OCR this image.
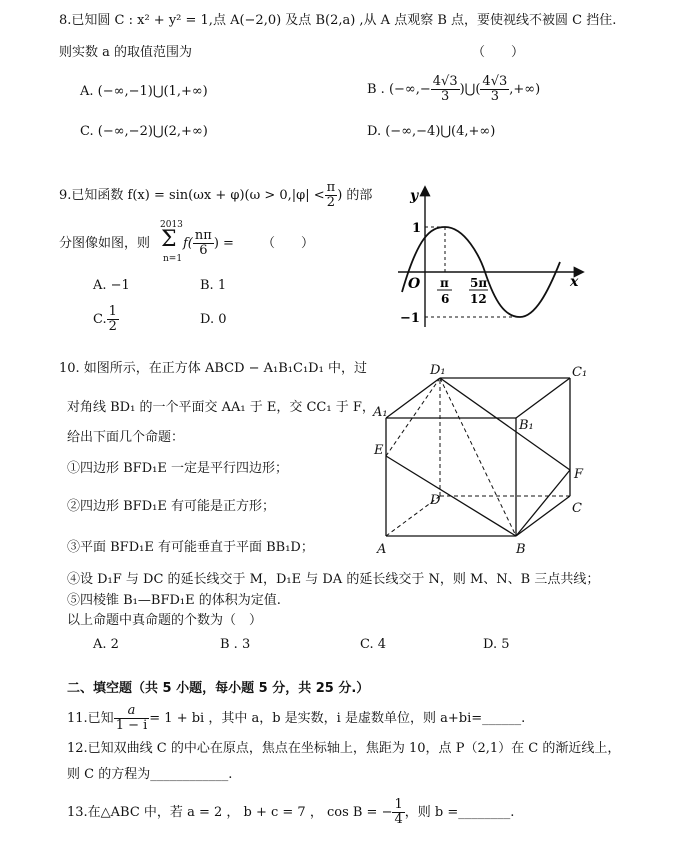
8.已知圆 C : x² + y² = 1,点 A(−2,0) 及点 B(2,a) ,从 A 点观察 B 点，要使视线不被圆 C 挡住.
则实数 a 的取值范围为	（　　）
A. (−∞,−1)⋃(1,+∞)	B . (−∞,− $\frac{4√3}{3}$ )⋃( $\frac{4√3}{3}$ ,+∞)
C. (−∞,−2)⋃(2,+∞)	D. (−∞,−4)⋃(4,+∞)
9.已知函数 $f(x) = \sin(\omega x + \varphi)(\omega > 0,|\varphi| < \frac{\pi}{2}$ ) 的部
分图像如图，则
2013
Σ
n=1
$f( \frac{n\pi}{6}$ ) = （　　）
A. −1	B. 1
C. $\frac{1}{2}$	D. 0
y
x
O
1
−1
π
6
5π
12
10. 如图所示，在正方体 ABCD − A₁B₁C₁D₁ 中，过
对角线 BD₁ 的一个平面交 AA₁ 于 E，交 CC₁ 于 F，
给出下面几个命题：
①四边形 BFD₁E 一定是平行四边形；
②四边形 BFD₁E 有可能是正方形；
③平面 BFD₁E 有可能垂直于平面 BB₁D；
④设 D₁F 与 DC 的延长线交于 M，D₁E 与 DA 的延长线交于 N，则 M、N、B 三点共线；
⑤四棱锥 B₁—BFD₁E 的体积为定值.
以上命题中真命题的个数为（　）
A. 2	B . 3	C. 4	D. 5
A	B
C
D
A₁
B₁
C₁
D₁
E
F
二、填空题（共 5 小题，每小题 5 分，共 25 分.）
11.已知 $\frac{a}{1 - i} = 1$ + bi ，其中 a，b 是实数，i 是虚数单位，则 a+bi=______.
12.已知双曲线 C 的中心在原点，焦点在坐标轴上，焦距为 10，点 P（2,1）在 C 的渐近线上，
则 C 的方程为____________.
13.在△ABC 中，若 a = 2 ， b + c = 7 ， cos B = − $\frac{1}{4}$ ，则 b =________.
